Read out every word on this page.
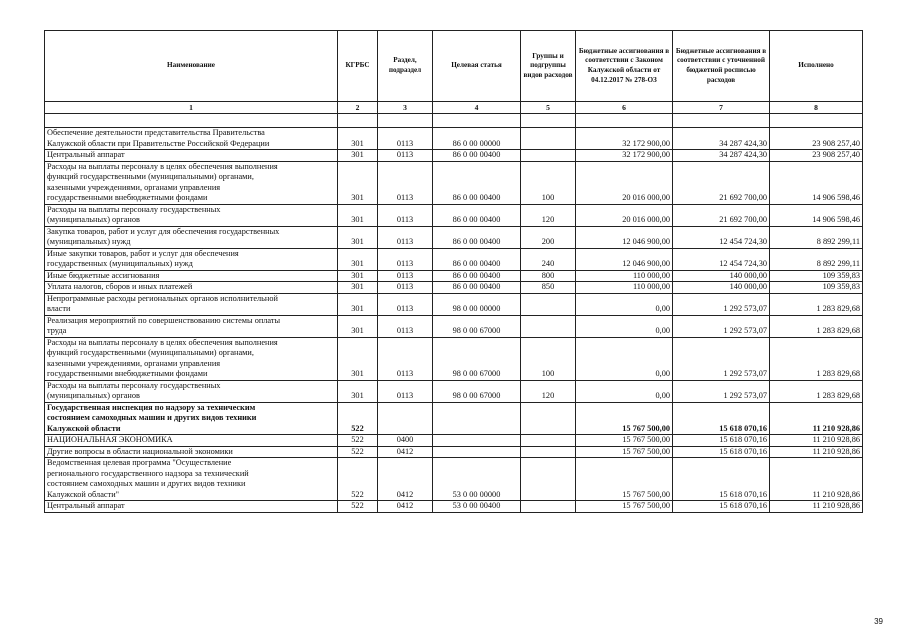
Наименование	КГРБС	Раздел, подраздел	Целевая статья	Группы и подгруппы видов расходов	Бюджетные ассигнования в соответствии с Законом Калужской области от 04.12.2017 № 278-ОЗ	Бюджетные ассигнования в соответствии с уточненной бюджетной росписью расходов	Исполнено
1	2	3	4	5	6	7	8

Обеспечение деятельности представительства Правительства
Калужской области при Правительстве Российской Федерации	301	0113	86 0 00 00000		32 172 900,00	34 287 424,30	23 908 257,40

Центральный аппарат	301	0113	86 0 00 00400		32 172 900,00	34 287 424,30	23 908 257,40

Расходы на выплаты персоналу в целях обеспечения выполнения
функций государственными (муниципальными) органами,
казенными учреждениями, органами управления
государственными внебюджетными фондами	301	0113	86 0 00 00400	100	20 016 000,00	21 692 700,00	14 906 598,46

Расходы на выплаты персоналу государственных
(муниципальных) органов	301	0113	86 0 00 00400	120	20 016 000,00	21 692 700,00	14 906 598,46

Закупка товаров, работ и услуг для обеспечения государственных
(муниципальных) нужд	301	0113	86 0 00 00400	200	12 046 900,00	12 454 724,30	8 892 299,11

Иные закупки товаров, работ и услуг для обеспечения
государственных (муниципальных) нужд	301	0113	86 0 00 00400	240	12 046 900,00	12 454 724,30	8 892 299,11

Иные бюджетные ассигнования	301	0113	86 0 00 00400	800	110 000,00	140 000,00	109 359,83

Уплата налогов, сборов и иных платежей	301	0113	86 0 00 00400	850	110 000,00	140 000,00	109 359,83

Непрограммные расходы региональных органов исполнительной
власти	301	0113	98 0 00 00000		0,00	1 292 573,07	1 283 829,68

Реализация мероприятий по совершенствованию системы оплаты
труда	301	0113	98 0 00 67000		0,00	1 292 573,07	1 283 829,68

Расходы на выплаты персоналу в целях обеспечения выполнения
функций государственными (муниципальными) органами,
казенными учреждениями, органами управления
государственными внебюджетными фондами	301	0113	98 0 00 67000	100	0,00	1 292 573,07	1 283 829,68

Расходы на выплаты персоналу государственных
(муниципальных) органов	301	0113	98 0 00 67000	120	0,00	1 292 573,07	1 283 829,68

Государственная инспекция по надзору за техническим
состоянием самоходных машин и других видов техники
Калужской области	522				15 767 500,00	15 618 070,16	11 210 928,86

НАЦИОНАЛЬНАЯ ЭКОНОМИКА	522	0400			15 767 500,00	15 618 070,16	11 210 928,86

Другие вопросы в области национальной экономики	522	0412			15 767 500,00	15 618 070,16	11 210 928,86

Ведомственная целевая программа "Осуществление
регионального государственного надзора за технический
состоянием самоходных машин и других видов техники
Калужской области"	522	0412	53 0 00 00000		15 767 500,00	15 618 070,16	11 210 928,86

Центральный аппарат	522	0412	53 0 00 00400		15 767 500,00	15 618 070,16	11 210 928,86
39
